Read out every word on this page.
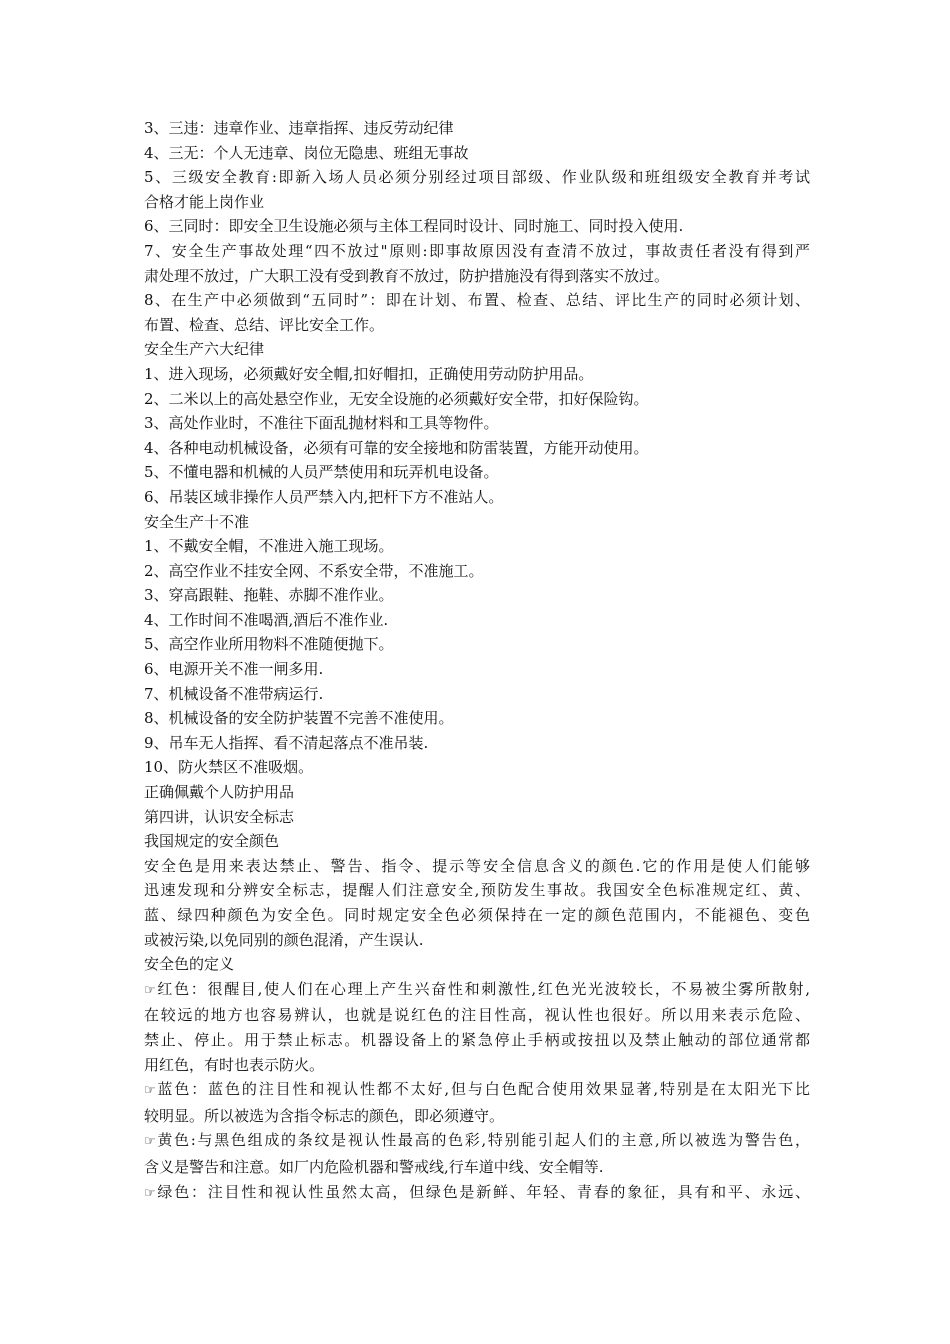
3、三违：违章作业、违章指挥、违反劳动纪律
4、三无：个人无违章、岗位无隐患、班组无事故
5、三级安全教育:即新入场人员必须分别经过项目部级、作业队级和班组级安全教育并考试
合格才能上岗作业
6、三同时：即安全卫生设施必须与主体工程同时设计、同时施工、同时投入使用.
7、安全生产事故处理“四不放过"原则:即事故原因没有查清不放过，事故责任者没有得到严
肃处理不放过，广大职工没有受到教育不放过，防护措施没有得到落实不放过。
8、在生产中必须做到“五同时”：即在计划、布置、检查、总结、评比生产的同时必须计划、
布置、检查、总结、评比安全工作。
安全生产六大纪律
1、进入现场，必须戴好安全帽,扣好帽扣，正确使用劳动防护用品。
2、二米以上的高处悬空作业，无安全设施的必须戴好安全带，扣好保险钩。
3、高处作业时，不准往下面乱抛材料和工具等物件。
4、各种电动机械设备，必须有可靠的安全接地和防雷装置，方能开动使用。
5、不懂电器和机械的人员严禁使用和玩弄机电设备。
6、吊装区域非操作人员严禁入内,把杆下方不准站人。
安全生产十不准
1、不戴安全帽，不准进入施工现场。
2、高空作业不挂安全网、不系安全带，不准施工。
3、穿高跟鞋、拖鞋、赤脚不准作业。
4、工作时间不准喝酒,酒后不准作业.
5、高空作业所用物料不准随便抛下。
6、电源开关不准一闸多用.
7、机械设备不准带病运行.
8、机械设备的安全防护装置不完善不准使用。
9、吊车无人指挥、看不清起落点不准吊装.
10、防火禁区不准吸烟。
正确佩戴个人防护用品
第四讲，认识安全标志
我国规定的安全颜色
安全色是用来表达禁止、警告、指令、提示等安全信息含义的颜色.它的作用是使人们能够
迅速发现和分辨安全标志，提醒人们注意安全,预防发生事故。我国安全色标准规定红、黄、
蓝、绿四种颜色为安全色。同时规定安全色必须保持在一定的颜色范围内，不能褪色、变色
或被污染,以免同别的颜色混淆，产生误认.
安全色的定义
☞红色：很醒目,使人们在心理上产生兴奋性和刺激性,红色光光波较长，不易被尘雾所散射,
在较远的地方也容易辨认，也就是说红色的注目性高，视认性也很好。所以用来表示危险、
禁止、停止。用于禁止标志。机器设备上的紧急停止手柄或按扭以及禁止触动的部位通常都
用红色，有时也表示防火。
☞蓝色：蓝色的注目性和视认性都不太好,但与白色配合使用效果显著,特别是在太阳光下比
较明显。所以被选为含指令标志的颜色，即必须遵守。
☞黄色:与黑色组成的条纹是视认性最高的色彩,特别能引起人们的主意,所以被选为警告色，
含义是警告和注意。如厂内危险机器和警戒线,行车道中线、安全帽等.
☞绿色：注目性和视认性虽然太高，但绿色是新鲜、年轻、青春的象征，具有和平、永远、
